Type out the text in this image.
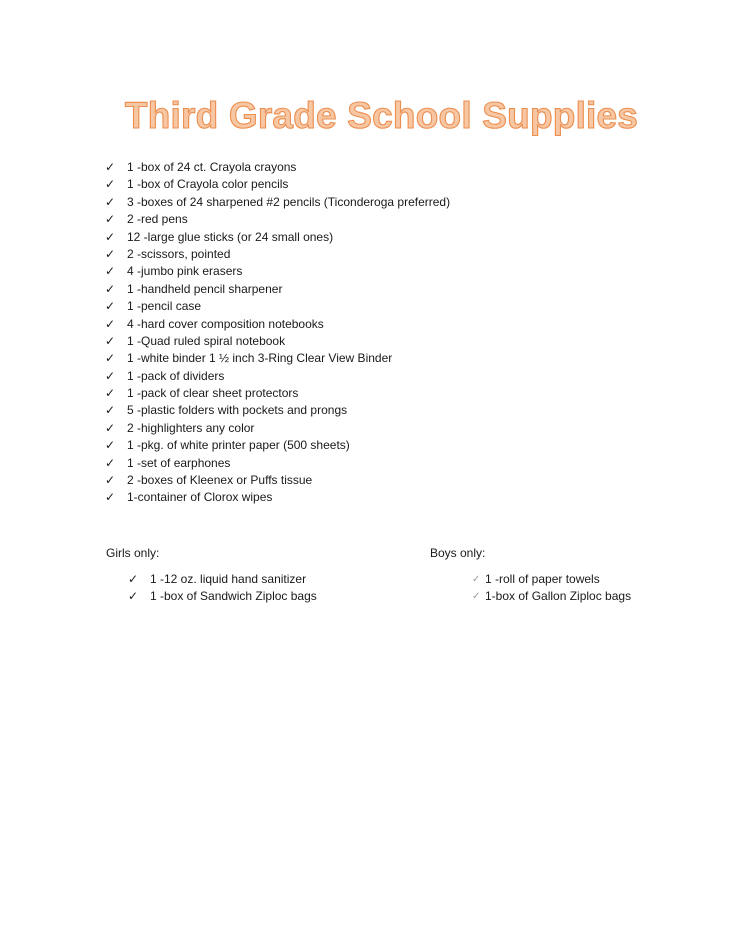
Third Grade School Supplies
✓ 1 -box of 24 ct. Crayola crayons
✓ 1 -box of Crayola color pencils
✓ 3 -boxes of 24 sharpened #2 pencils (Ticonderoga preferred)
✓ 2 -red pens
✓ 12 -large glue sticks (or 24 small ones)
✓ 2 -scissors, pointed
✓ 4 -jumbo pink erasers
✓ 1 -handheld pencil sharpener
✓ 1 -pencil case
✓ 4 -hard cover composition notebooks
✓ 1 -Quad ruled spiral notebook
✓ 1 -white binder 1 ½ inch 3-Ring Clear View Binder
✓ 1 -pack of dividers
✓ 1 -pack of clear sheet protectors
✓ 5 -plastic folders with pockets and prongs
✓ 2 -highlighters any color
✓ 1 -pkg. of white printer paper (500 sheets)
✓ 1 -set of earphones
✓ 2 -boxes of Kleenex or Puffs tissue
✓ 1-container of Clorox wipes

Girls only:

✓ 1 -12 oz. liquid hand sanitizer
✓ 1 -box of Sandwich Ziploc bags

Boys only:

✓ 1 -roll of paper towels
✓ 1-box of Gallon Ziploc bags
